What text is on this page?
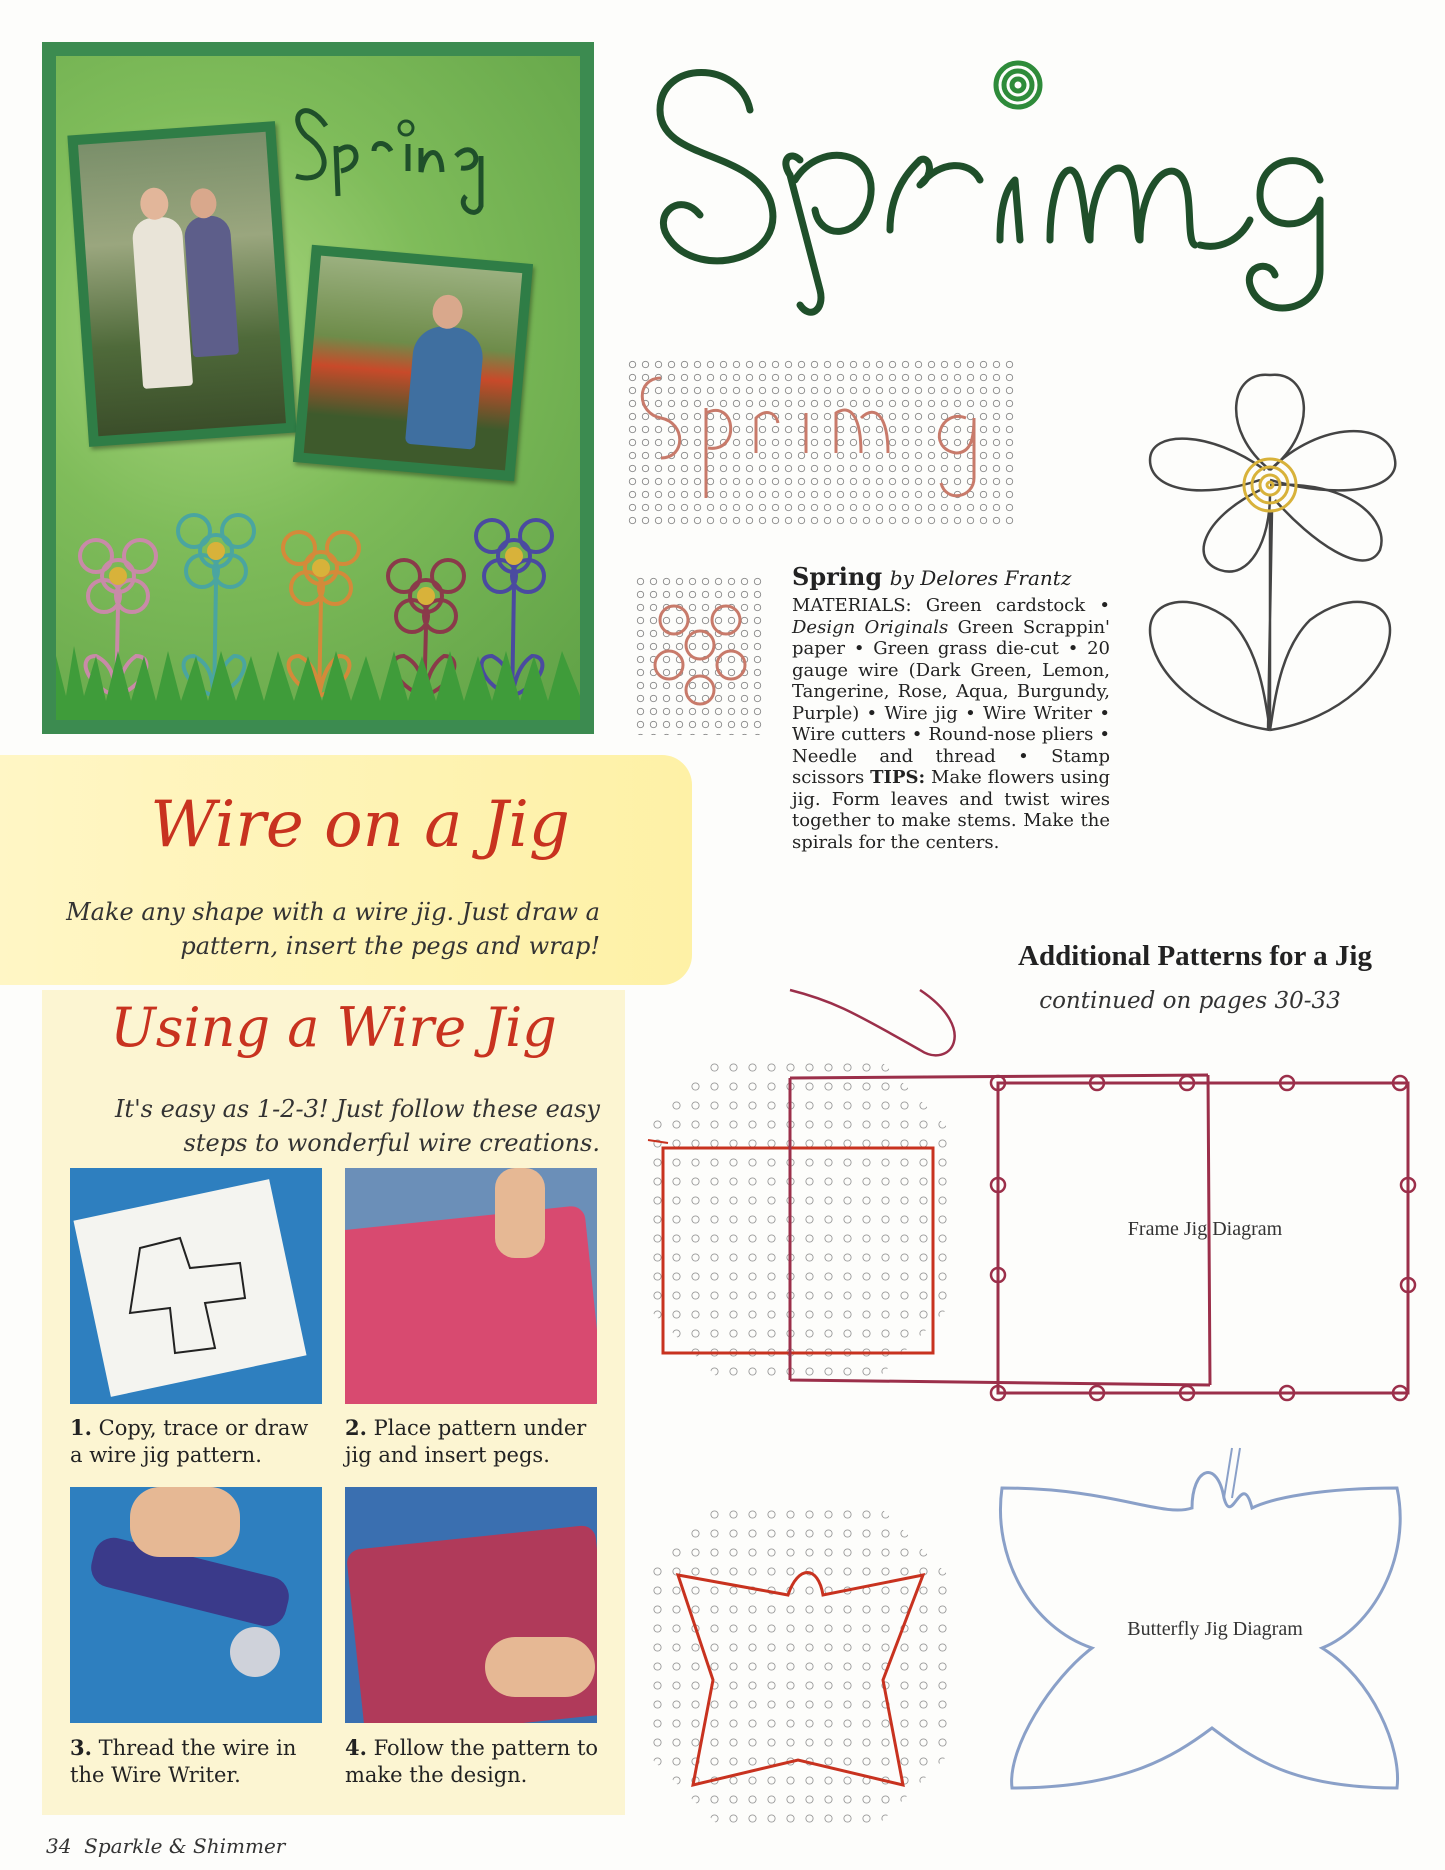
Spring by Delores Frantz
MATERIALS: Green cardstock • Design Originals Green Scrappin' paper • Green grass die-cut • 20 gauge wire (Dark Green, Lemon, Tangerine, Rose, Aqua, Burgundy, Purple) • Wire jig • Wire Writer • Wire cutters • Round-nose pliers • Needle and thread • Stamp scissors TIPS: Make flowers using jig. Form leaves and twist wires together to make stems. Make the spirals for the centers.
Wire on a Jig
Make any shape with a wire jig. Just draw a pattern, insert the pegs and wrap!
Using a Wire Jig
It's easy as 1-2-3! Just follow these easy steps to wonderful wire creations.
1. Copy, trace or draw a wire jig pattern.
2. Place pattern under jig and insert pegs.
3. Thread the wire in the Wire Writer.
4. Follow the pattern to make the design.
Additional Patterns for a Jig
continued on pages 30-33
Frame Jig Diagram
Butterfly Jig Diagram
34 Sparkle & Shimmer
